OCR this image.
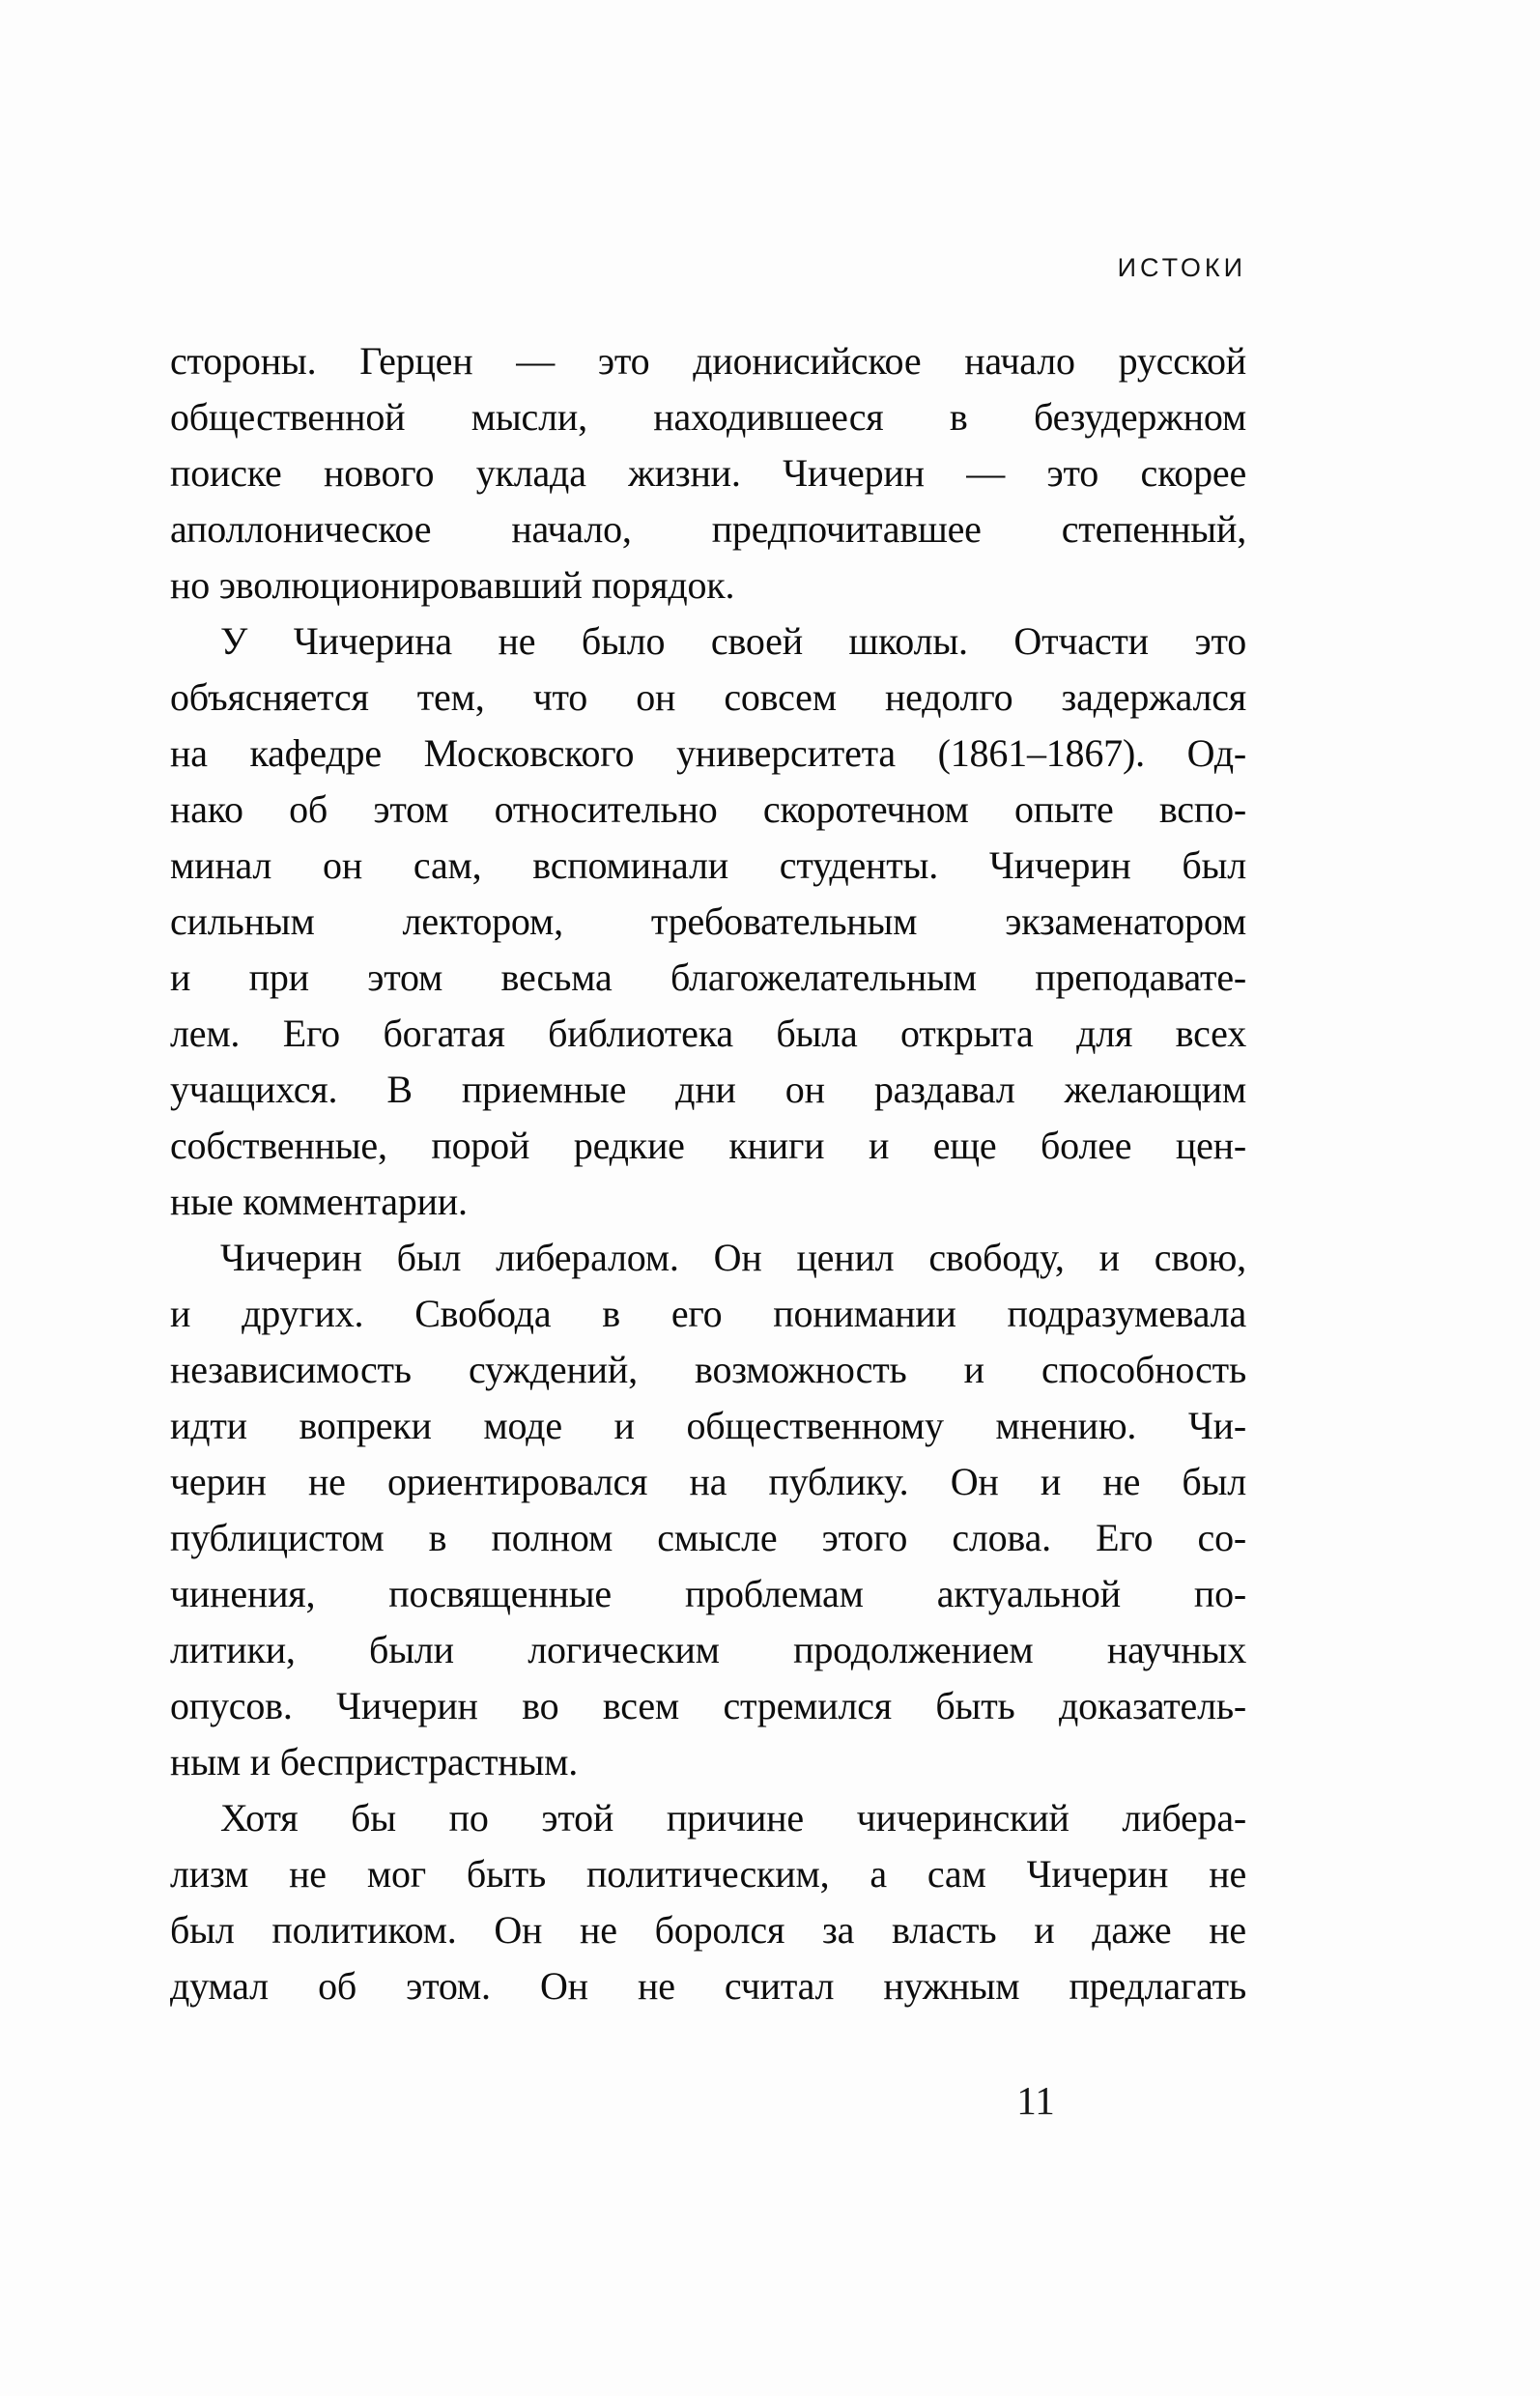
ИСТОКИ
стороны. Герцен — это дионисийское начало русской
общественной мысли, находившееся в безудержном
поиске нового уклада жизни. Чичерин — это скорее
аполлоническое начало, предпочитавшее степенный,
но эволюционировавший порядок.
У Чичерина не было своей школы. Отчасти это
объясняется тем, что он совсем недолго задержался
на кафедре Московского университета (1861–1867). Од-
нако об этом относительно скоротечном опыте вспо-
минал он сам, вспоминали студенты. Чичерин был
сильным лектором, требовательным экзаменатором
и при этом весьма благожелательным преподавате-
лем. Его богатая библиотека была открыта для всех
учащихся. В приемные дни он раздавал желающим
собственные, порой редкие книги и еще более цен-
ные комментарии.
Чичерин был либералом. Он ценил свободу, и свою,
и других. Свобода в его понимании подразумевала
независимость суждений, возможность и способность
идти вопреки моде и общественному мнению. Чи-
черин не ориентировался на публику. Он и не был
публицистом в полном смысле этого слова. Его со-
чинения, посвященные проблемам актуальной по-
литики, были логическим продолжением научных
опусов. Чичерин во всем стремился быть доказатель-
ным и беспристрастным.
Хотя бы по этой причине чичеринский либера-
лизм не мог быть политическим, а сам Чичерин не
был политиком. Он не боролся за власть и даже не
думал об этом. Он не считал нужным предлагать
11
